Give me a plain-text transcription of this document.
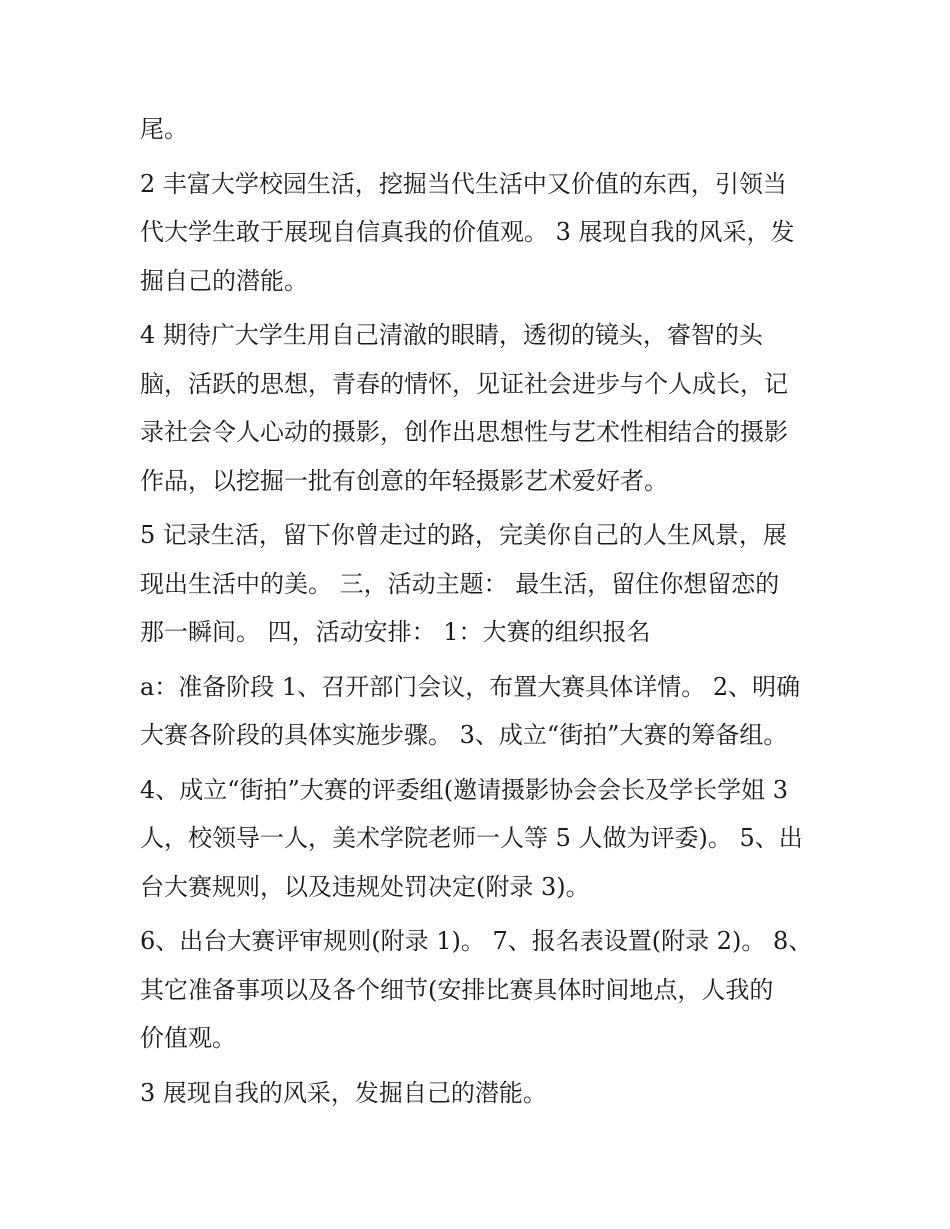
尾。

2 丰富大学校园生活，挖掘当代生活中又价值的东西，引领当
代大学生敢于展现自信真我的价值观。 3 展现自我的风采，发
掘自己的潜能。

4 期待广大学生用自己清澈的眼睛，透彻的镜头，睿智的头
脑，活跃的思想，青春的情怀，见证社会进步与个人成长，记
录社会令人心动的摄影，创作出思想性与艺术性相结合的摄影
作品，以挖掘一批有创意的年轻摄影艺术爱好者。

5 记录生活，留下你曾走过的路，完美你自己的人生风景，展
现出生活中的美。 三，活动主题： 最生活，留住你想留恋的
那一瞬间。 四，活动安排： 1：大赛的组织报名

a：准备阶段 1、召开部门会议，布置大赛具体详情。 2、明确
大赛各阶段的具体实施步骤。 3、成立“街拍”大赛的筹备组。

4、成立“街拍”大赛的评委组(邀请摄影协会会长及学长学姐 3
人，校领导一人，美术学院老师一人等 5 人做为评委)。 5、出
台大赛规则，以及违规处罚决定(附录 3)。

6、出台大赛评审规则(附录 1)。 7、报名表设置(附录 2)。 8、
其它准备事项以及各个细节(安排比赛具体时间地点，人我的
价值观。

3 展现自我的风采，发掘自己的潜能。
